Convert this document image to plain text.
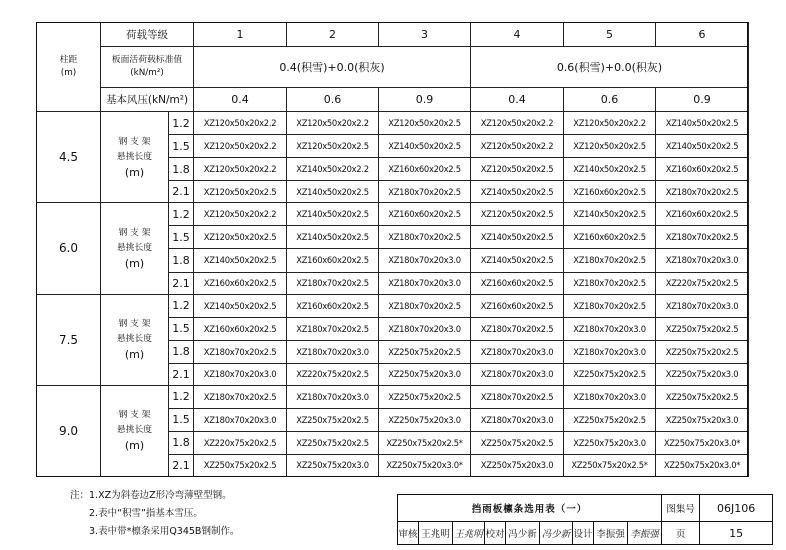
柱距
(m)	荷载等级		1	2	3	4	5	6
	板面活荷载标准值
(kN/m²)		0.4(积雪)+0.0(积灰)			0.6(积雪)+0.0(积灰)		
	基本风压(kN/m²)		0.4	0.6	0.9	0.4	0.6	0.9
4.5	钢 支 架
悬挑长度
(m)	1.2	XZ120x50x20x2.2	XZ120x50x20x2.2	XZ120x50x20x2.5	XZ120x50x20x2.2	XZ120x50x20x2.2	XZ140x50x20x2.5
		1.5	XZ120x50x20x2.2	XZ120x50x20x2.5	XZ140x50x20x2.5	XZ120x50x20x2.2	XZ120x50x20x2.5	XZ140x50x20x2.5
		1.8	XZ120x50x20x2.2	XZ140x50x20x2.2	XZ160x60x20x2.5	XZ120x50x20x2.5	XZ140x50x20x2.5	XZ160x60x20x2.5
		2.1	XZ120x50x20x2.5	XZ140x50x20x2.5	XZ180x70x20x2.5	XZ140x50x20x2.5	XZ160x60x20x2.5	XZ180x70x20x2.5
6.0	钢 支 架
悬挑长度
(m)	1.2	XZ120x50x20x2.2	XZ140x50x20x2.5	XZ160x60x20x2.5	XZ120x50x20x2.5	XZ140x50x20x2.5	XZ160x60x20x2.5
		1.5	XZ120x50x20x2.5	XZ140x50x20x2.5	XZ180x70x20x2.5	XZ140x50x20x2.5	XZ160x60x20x2.5	XZ180x70x20x2.5
		1.8	XZ140x50x20x2.5	XZ160x60x20x2.5	XZ180x70x20x3.0	XZ140x50x20x2.5	XZ180x70x20x2.5	XZ180x70x20x3.0
		2.1	XZ160x60x20x2.5	XZ180x70x20x2.5	XZ180x70x20x3.0	XZ160x60x20x2.5	XZ180x70x20x2.5	XZ220x75x20x2.5
7.5	钢 支 架
悬挑长度
(m)	1.2	XZ140x50x20x2.5	XZ160x60x20x2.5	XZ180x70x20x2.5	XZ160x60x20x2.5	XZ180x70x20x2.5	XZ180x70x20x3.0
		1.5	XZ160x60x20x2.5	XZ180x70x20x2.5	XZ180x70x20x3.0	XZ180x70x20x2.5	XZ180x70x20x3.0	XZ250x75x20x2.5
		1.8	XZ180x70x20x2.5	XZ180x70x20x3.0	XZ250x75x20x2.5	XZ180x70x20x3.0	XZ180x70x20x3.0	XZ250x75x20x2.5
		2.1	XZ180x70x20x3.0	XZ220x75x20x2.5	XZ250x75x20x3.0	XZ180x70x20x3.0	XZ250x75x20x2.5	XZ250x75x20x3.0
9.0	钢 支 架
悬挑长度
(m)	1.2	XZ180x70x20x2.5	XZ180x70x20x3.0	XZ250x75x20x2.5	XZ180x70x20x2.5	XZ180x70x20x3.0	XZ250x75x20x2.5
		1.5	XZ180x70x20x3.0	XZ250x75x20x2.5	XZ250x75x20x3.0	XZ180x70x20x3.0	XZ250x75x20x2.5	XZ250x75x20x3.0
		1.8	XZ220x75x20x2.5	XZ250x75x20x2.5	XZ250x75x20x2.5*	XZ250x75x20x2.5	XZ250x75x20x3.0	XZ250x75x20x3.0*
		2.1	XZ250x75x20x2.5	XZ250x75x20x3.0	XZ250x75x20x3.0*	XZ250x75x20x3.0	XZ250x75x20x2.5*	XZ250x75x20x3.0*
注：1.XZ为斜卷边Z形冷弯薄壁型钢。
2.表中“积雪”指基本雪压。
3.表中带*檩条采用Q345B钢制作。
挡雨板檩条选用表（一）									图集号	06J106
审核	王兆明	王兆明	校对	冯少新	冯少新	设计	李振强	李振强	页	15
